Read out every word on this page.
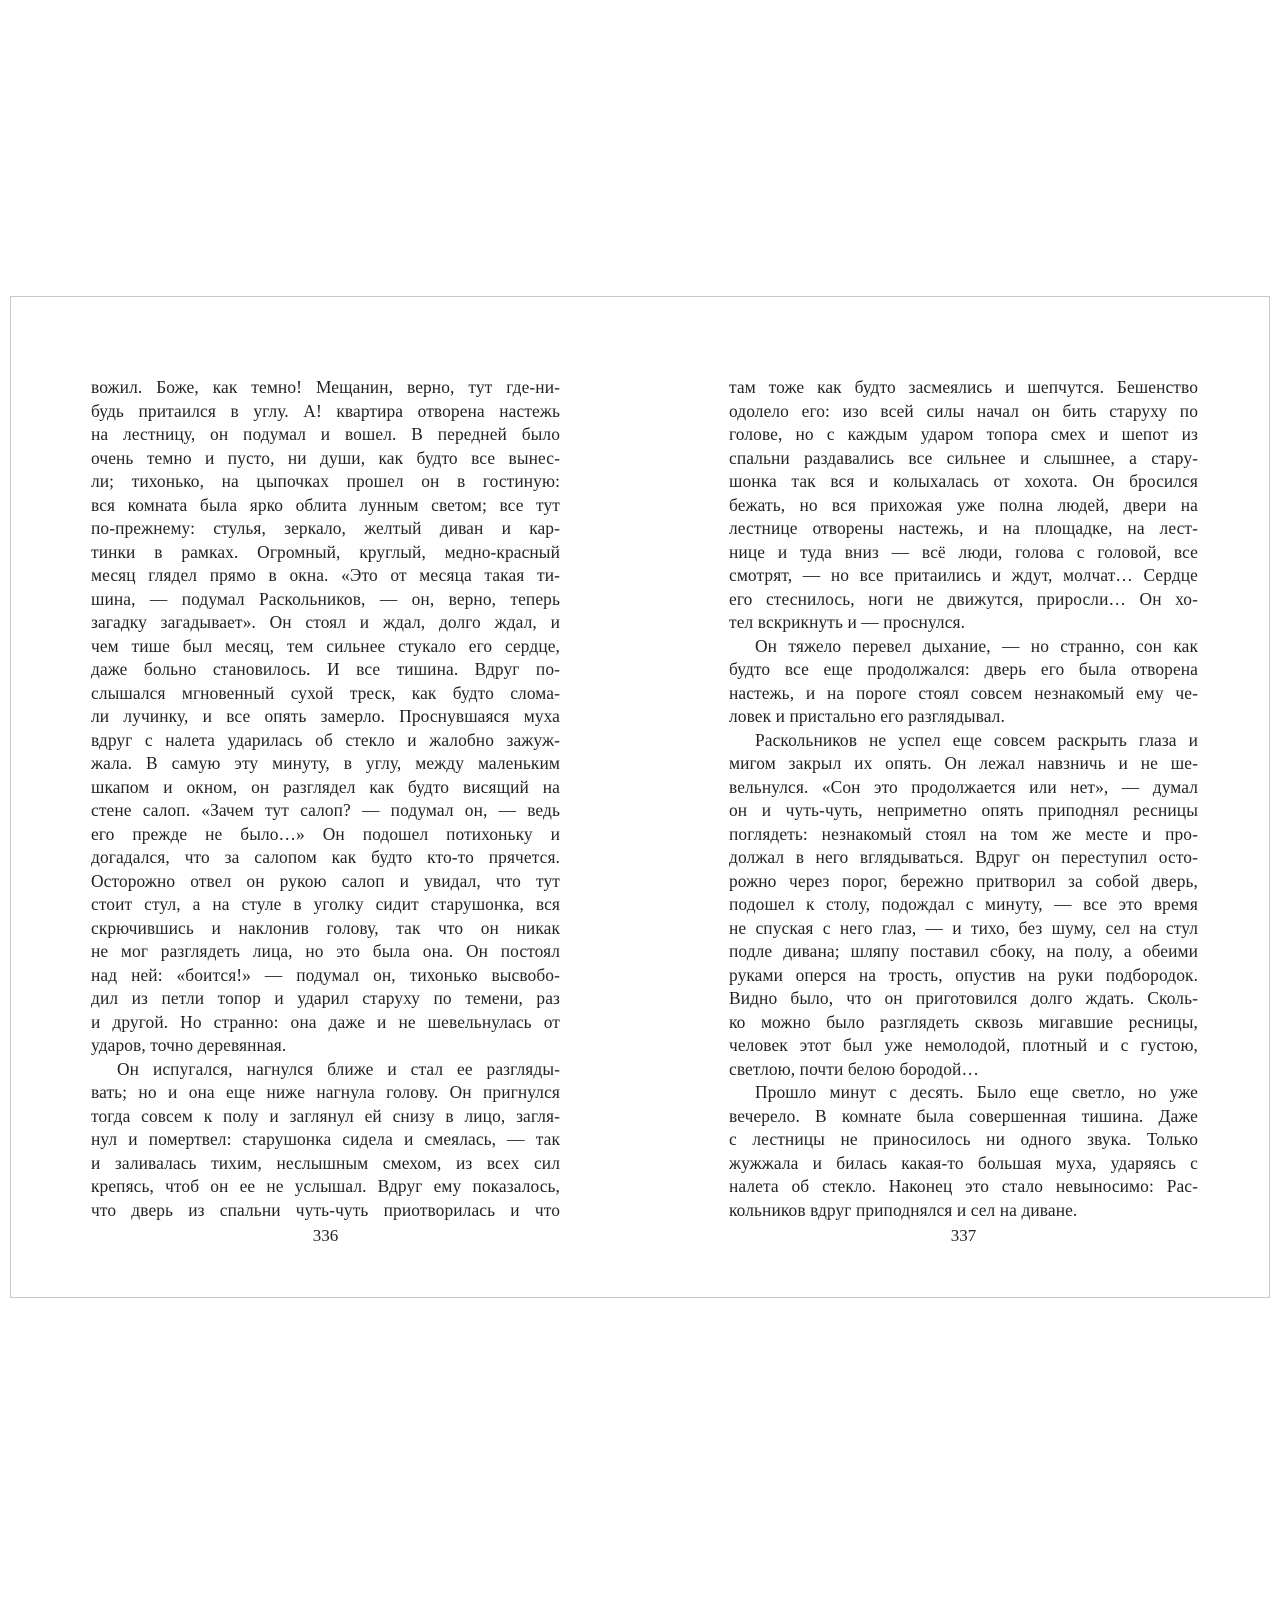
вожил. Боже, как темно! Мещанин, верно, тут где-ни-
будь притаился в углу. А! квартира отворена настежь
на лестницу, он подумал и вошел. В передней было
очень темно и пусто, ни души, как будто все вынес-
ли; тихонько, на цыпочках прошел он в гостиную:
вся комната была ярко облита лунным светом; все тут
по-прежнему: стулья, зеркало, желтый диван и кар-
тинки в рамках. Огромный, круглый, медно-красный
месяц глядел прямо в окна. «Это от месяца такая ти-
шина, — подумал Раскольников, — он, верно, теперь
загадку загадывает». Он стоял и ждал, долго ждал, и
чем тише был месяц, тем сильнее стукало его сердце,
даже больно становилось. И все тишина. Вдруг по-
слышался мгновенный сухой треск, как будто слома-
ли лучинку, и все опять замерло. Проснувшаяся муха
вдруг с налета ударилась об стекло и жалобно зажуж-
жала. В самую эту минуту, в углу, между маленьким
шкапом и окном, он разглядел как будто висящий на
стене салоп. «Зачем тут салоп? — подумал он, — ведь
его прежде не было…» Он подошел потихоньку и
догадался, что за салопом как будто кто-то прячется.
Осторожно отвел он рукою салоп и увидал, что тут
стоит стул, а на стуле в уголку сидит старушонка, вся
скрючившись и наклонив голову, так что он никак
не мог разглядеть лица, но это была она. Он постоял
над ней: «боится!» — подумал он, тихонько высвобо-
дил из петли топор и ударил старуху по темени, раз
и другой. Но странно: она даже и не шевельнулась от
ударов, точно деревянная.
Он испугался, нагнулся ближе и стал ее разгляды-
вать; но и она еще ниже нагнула голову. Он пригнулся
тогда совсем к полу и заглянул ей снизу в лицо, загля-
нул и помертвел: старушонка сидела и смеялась, — так
и заливалась тихим, неслышным смехом, из всех сил
крепясь, чтоб он ее не услышал. Вдруг ему показалось,
что дверь из спальни чуть-чуть приотворилась и что
336
там тоже как будто засмеялись и шепчутся. Бешенство
одолело его: изо всей силы начал он бить старуху по
голове, но с каждым ударом топора смех и шепот из
спальни раздавались все сильнее и слышнее, а стару-
шонка так вся и колыхалась от хохота. Он бросился
бежать, но вся прихожая уже полна людей, двери на
лестнице отворены настежь, и на площадке, на лест-
нице и туда вниз — всё люди, голова с головой, все
смотрят, — но все притаились и ждут, молчат… Сердце
его стеснилось, ноги не движутся, приросли… Он хо-
тел вскрикнуть и — проснулся.
Он тяжело перевел дыхание, — но странно, сон как
будто все еще продолжался: дверь его была отворена
настежь, и на пороге стоял совсем незнакомый ему че-
ловек и пристально его разглядывал.
Раскольников не успел еще совсем раскрыть глаза и
мигом закрыл их опять. Он лежал навзничь и не ше-
вельнулся. «Сон это продолжается или нет», — думал
он и чуть-чуть, неприметно опять приподнял ресницы
поглядеть: незнакомый стоял на том же месте и про-
должал в него вглядываться. Вдруг он переступил осто-
рожно через порог, бережно притворил за собой дверь,
подошел к столу, подождал с минуту, — все это время
не спуская с него глаз, — и тихо, без шуму, сел на стул
подле дивана; шляпу поставил сбоку, на полу, а обеими
руками оперся на трость, опустив на руки подбородок.
Видно было, что он приготовился долго ждать. Сколь-
ко можно было разглядеть сквозь мигавшие ресницы,
человек этот был уже немолодой, плотный и с густою,
светлою, почти белою бородой…
Прошло минут с десять. Было еще светло, но уже
вечерело. В комнате была совершенная тишина. Даже
с лестницы не приносилось ни одного звука. Только
жужжала и билась какая-то большая муха, ударяясь с
налета об стекло. Наконец это стало невыносимо: Рас-
кольников вдруг приподнялся и сел на диване.
337
